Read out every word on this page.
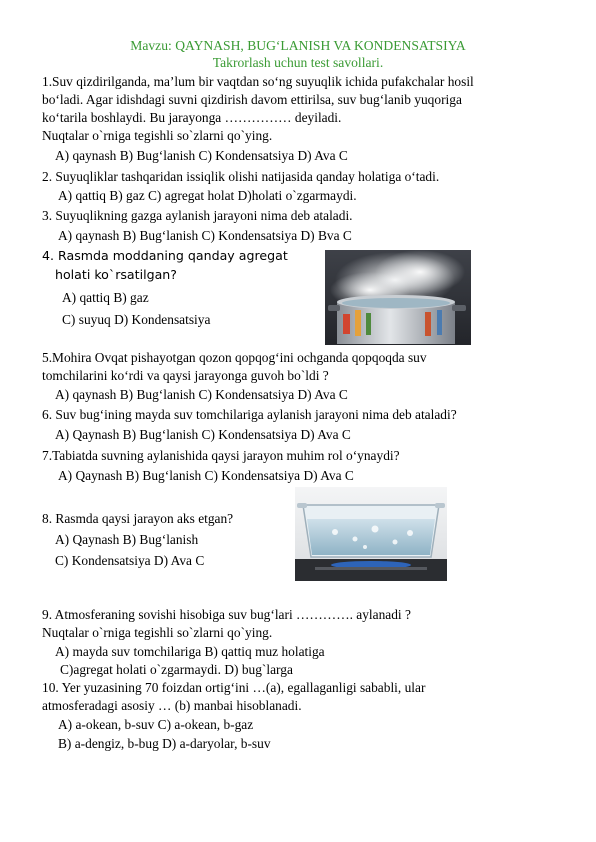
Mavzu: QAYNASH, BUG‘LANISH VA KONDENSATSIYA
Takrorlash uchun test savollari.
1.Suv qizdirilganda, ma’lum bir vaqtdan so‘ng suyuqlik ichida pufakchalar hosil
bo‘ladi. Agar idishdagi suvni qizdirish davom ettirilsa, suv bug‘lanib yuqoriga
ko‘tarila boshlaydi. Bu jarayonga …………… deyiladi.
Nuqtalar o`rniga tegishli so`zlarni qo`ying.
A) qaynash B) Bug‘lanish C) Kondensatsiya D) Ava C
2. Suyuqliklar tashqaridan issiqlik olishi natijasida qanday holatiga o‘tadi.
A) qattiq B) gaz C) agregat holat D)holati o`zgarmaydi.
3. Suyuqlikning gazga aylanish jarayoni nima deb ataladi.
A) qaynash B) Bug‘lanish C) Kondensatsiya D) Bva C
4. Rasmda moddaning qanday agregat
holati ko`rsatilgan?
A) qattiq B) gaz
C) suyuq D) Kondensatsiya
5.Mohira Ovqat pishayotgan qozon qopqog‘ini ochganda qopqoqda suv
tomchilarini ko‘rdi va qaysi jarayonga guvoh bo`ldi ?
A) qaynash B) Bug‘lanish C) Kondensatsiya D) Ava C
6. Suv bug‘ining mayda suv tomchilariga aylanish jarayoni nima deb ataladi?
A) Qaynash B) Bug‘lanish C) Kondensatsiya D) Ava C
7.Tabiatda suvning aylanishida qaysi jarayon muhim rol o‘ynaydi?
A) Qaynash B) Bug‘lanish C) Kondensatsiya D) Ava C
8. Rasmda qaysi jarayon aks etgan?
A) Qaynash B) Bug‘lanish
C) Kondensatsiya D) Ava C
9. Atmosferaning sovishi hisobiga suv bug‘lari …………. aylanadi ?
Nuqtalar o`rniga tegishli so`zlarni qo`ying.
A) mayda suv tomchilariga B) qattiq muz holatiga
C)agregat holati o`zgarmaydi. D) bug`larga
10. Yer yuzasining 70 foizdan ortig‘ini …(a), egallaganligi sababli, ular
atmosferadagi asosiy … (b) manbai hisoblanadi.
A) a-okean, b-suv C) a-okean, b-gaz
B) a-dengiz, b-bug D) a-daryolar, b-suv
